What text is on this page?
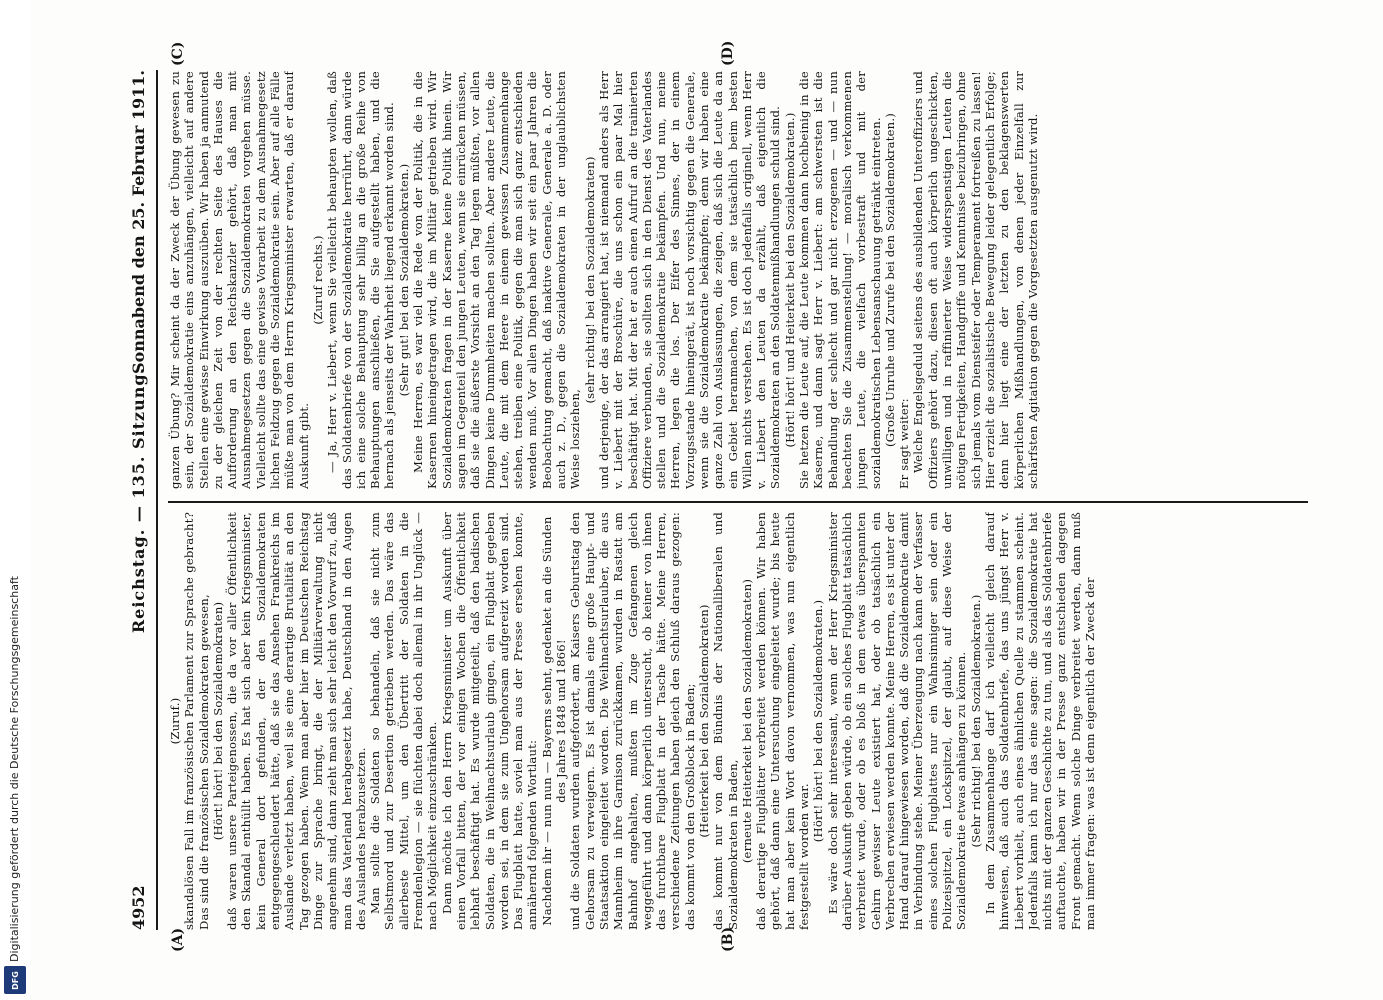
4952
Reichstag. — 135. Sitzung.
Sonnabend den 25. Februar 1911.
(A)	(B)
(C)	(D)

(Zuruf.) skandalösen Fall im französischen Parlament zur Sprache gebracht? Das sind die französischen Sozialdemokraten gewesen, (Hört! hört! bei den Sozialdemokraten) daß waren unsere Parteigenossen, die da vor aller Öffentlichkeit den Skandal enthüllt haben. Es hat sich aber kein Kriegsminister, kein General dort gefunden, der den Sozialdemokraten entgegengeschleudert hätte, daß sie das Ansehen Frankreichs im Auslande verletzt haben, weil sie eine derartige Brutalität an den Tag gezogen haben. Wenn man aber hier im Deutschen Reichstag Dinge zur Sprache bringt, die der Militärverwaltung nicht angenehm sind, dann zieht man sich sehr leicht den Vorwurf zu, daß man das Vaterland herabgesetzt habe, Deutschland in den Augen des Auslandes herabzusetzen. Man sollte die Soldaten so behandeln, daß sie nicht zum Selbstmord und zur Desertion getrieben werden. Das wäre das allerbeste Mittel, um den Übertritt der Soldaten in die Fremdenlegion — sie flüchten dabei doch allemal in ihr Unglück — nach Möglichkeit einzuschränken. Dann möchte ich den Herrn Kriegsminister um Auskunft über einen Vorfall bitten, der vor einigen Wochen die Öffentlichkeit lebhaft beschäftigt hat. Es wurde mitgeteilt, daß den badischen Soldaten, die in Weihnachtsurlaub gingen, ein Flugblatt gegeben worden sei, in dem sie zum Ungehorsam aufgereizt worden sind. Das Flugblatt hatte, soviel man aus der Presse ersehen konnte, annähernd folgenden Wortlaut: Nachdem ihr — nun nun — Bayerns sehnt, gedenket an die Sünden des Jahres 1848 und 1866! und die Soldaten wurden aufgefordert, am Kaisers Geburtstag den Gehorsam zu verweigern. Es ist damals eine große Haupt- und Staatsaktion eingeleitet worden. Die Weihnachtsurlauber, die aus Mannheim in ihre Garnison zurückkamen, wurden in Rastatt am Bahnhof angehalten, mußten im Zuge Gefangenen gleich weggeführt und dann körperlich untersucht, ob keiner von ihnen das furchtbare Flugblatt in der Tasche hätte. Meine Herren, verschiedene Zeitungen haben gleich den Schluß daraus gezogen: das kommt von den Großblock in Baden; (Heiterkeit bei den Sozialdemokraten) das kommt nur von dem Bündnis der Nationalliberalen und Sozialdemokraten in Baden, (erneute Heiterkeit bei den Sozialdemokraten) daß derartige Flugblätter verbreitet werden können. Wir haben gehört, daß dann eine Untersuchung eingeleitet wurde; bis heute hat man aber kein Wort davon vernommen, was nun eigentlich festgestellt worden war.

(Hört! hört! bei den Sozialdemokraten.) Es wäre doch sehr interessant, wenn der Herr Kriegsminister darüber Auskunft geben würde, ob ein solches Flugblatt tatsächlich verbreitet wurde, oder ob es bloß in dem etwas überspannten Gehirn gewisser Leute existiert hat, oder ob tatsächlich ein Verbrechen erwiesen werden konnte. Meine Herren, es ist unter der Hand darauf hingewiesen worden, daß die Sozialdemokratie damit in Verbindung stehe. Meiner Überzeugung nach kann der Verfasser eines solchen Flugblattes nur ein Wahnsinniger sein oder ein Polizeispitzel, ein Lockspitzel, der glaubt, auf diese Weise der Sozialdemokratie etwas anhängen zu können. (Sehr richtig! bei den Sozialdemokraten.) In dem Zusammenhange darf ich vielleicht gleich darauf hinweisen, daß auch das Soldatenbriefe, das uns jüngst Herr v. Liebert vorhielt, auch eines ähnlichen Quelle zu stammen scheint. Jedenfalls kann ich nur das eine sagen: die Sozialdemokratie hat nichts mit der ganzen Geschichte zu tun, und als das Soldatenbriefe auftauchte, haben wir in der Presse ganz entschieden dagegen Front gemacht. Wenn solche Dinge verbreitet werden, dann muß man immer fragen: was ist denn eigentlich der Zweck der

ganzen Übung? Mir scheint da der Zweck der Übung gewesen zu sein, der Sozialdemokratie eins anzuhängen, vielleicht auf andere Stellen eine gewisse Einwirkung auszuüben. Wir haben ja anmutend zu der gleichen Zeit von der rechten Seite des Hauses die Aufforderung an den Reichskanzler gehört, daß man mit Ausnahmegesetzen gegen die Sozialdemokraten vorgehen müsse. Vielleicht sollte das eine gewisse Vorarbeit zu dem Ausnahmegesetz lichen Feldzug gegen die Sozialdemokratie sein. Aber auf alle Fälle müßte man von dem Herrn Kriegsminister erwarten, daß er darauf Auskunft gibt.

(Zuruf rechts.) — Ja, Herr v. Liebert, wenn Sie vielleicht behaupten wollen, daß das Soldatenbriefe von der Sozialdemokratie herrührt, dann würde ich eine solche Behauptung sehr billig an die große Reihe von Behauptungen anschließen, die Sie aufgestellt haben, und die hernach als jenseits der Wahrheit liegend erkannt worden sind. (Sehr gut! bei den Sozialdemokraten.) Meine Herren, es war viel die Rede von der Politik, die in die Kasernen hineingetragen wird, die im Militär getrieben wird. Wir Sozialdemokraten fragen in der Kaserne keine Politik hinein. Wir sagen im Gegenteil den jungen Leuten, wenn sie einrücken müssen, daß sie die äußerste Vorsicht an den Tag legen müßten, vor allen Dingen keine Dummheiten machen sollten. Aber andere Leute, die Leute, die mit dem Heere in einem gewissen Zusammenhange stehen, treiben eine Politik, gegen die man sich ganz entschieden wenden muß. Vor allen Dingen haben wir seit ein paar Jahren die Beobachtung gemacht, daß inaktive Generale, Generale a. D. oder auch z. D., gegen die Sozialdemokraten in der unglaublichsten Weise losziehen,

(sehr richtig! bei den Sozialdemokraten) und derjenige, der das arrangiert hat, ist niemand anders als Herr v. Liebert mit der Broschüre, die uns schon ein paar Mal hier beschäftigt hat. Mit der hat er auch einen Aufruf an die trainierten Offiziere verbunden, sie sollten sich in den Dienst des Vaterlandes stellen und die Sozialdemokratie bekämpfen. Und nun, meine Herren, legen die los. Der Eifer des Sinnes, der in einem Vorzugsstande hineingerät, ist noch vorsichtig gegen die Generale, wenn sie die Sozialdemokratie bekämpfen; denn wir haben eine ganze Zahl von Auslassungen, die zeigen, daß sich die Leute da an ein Gebiet heranmachen, von dem sie tatsächlich beim besten Willen nichts verstehen. Es ist doch jedenfalls originell, wenn Herr v. Liebert den Leuten da erzählt, daß eigentlich die Sozialdemokraten an den Soldatenmißhandlungen schuld sind. (Hört! hört! und Heiterkeit bei den Sozialdemokraten.) Sie hetzen die Leute auf, die Leute kommen dann hochbeinig in die Kaserne, und dann sagt Herr v. Liebert: am schwersten ist die Behandlung der schlecht und gar nicht erzogenen — und — nun beachten Sie die Zusammenstellung! — moralisch verkommenen jungen Leute, die vielfach vorbestraft und mit der sozialdemokratischen Lebensanschauung getränkt eintreten. (Große Unruhe und Zurufe bei den Sozialdemokraten.) Er sagt weiter: Welche Engelsgeduld seitens des ausbildenden Unteroffiziers und Offiziers gehört dazu, diesen oft auch körperlich ungeschickten, unwilligen und in raffinierter Weise widerspenstigen Leuten die nötigen Fertigkeiten, Handgriffe und Kenntnisse beizubringen, ohne sich jemals vom Diensteifer oder Temperament fortreißen zu lassen! Hier erzielt die sozialistische Bewegung leider gelegentlich Erfolge; denn hier liegt eine der letzten zu den beklagenswerten körperlichen Mißhandlungen, von denen jeder Einzelfall zur schärfsten Agitation gegen die Vorgesetzten ausgenutzt wird.

Digitalisierung gefördert durch die Deutsche Forschungsgemeinschaft
DFG
